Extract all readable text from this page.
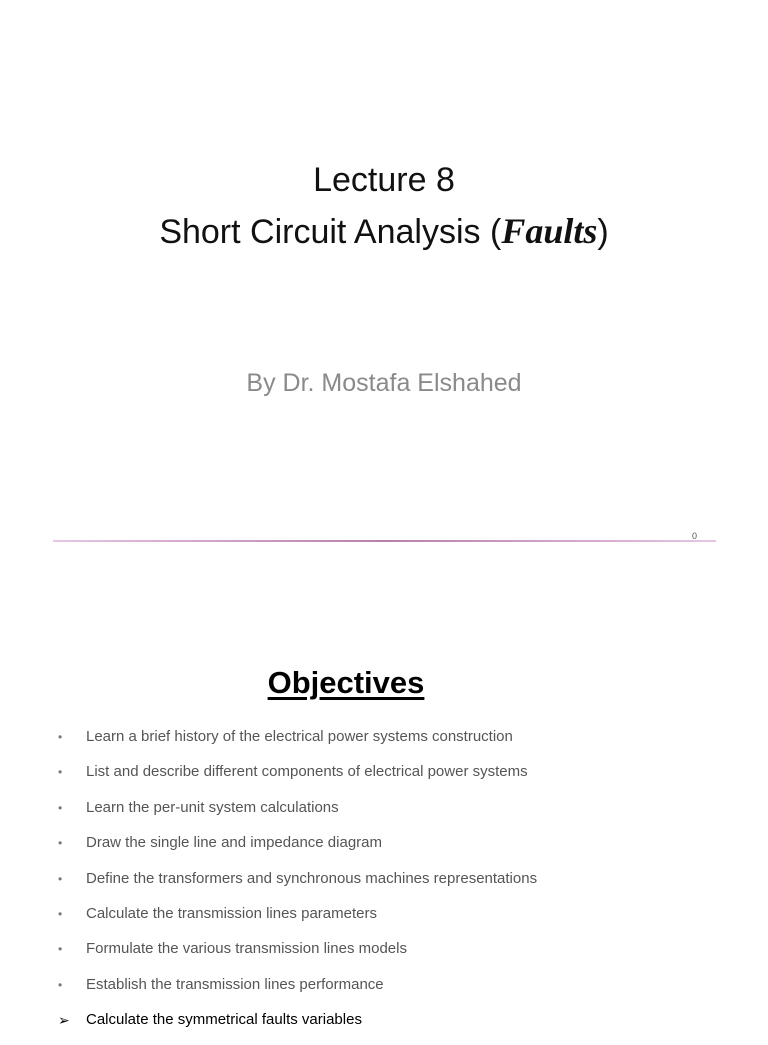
Lecture 8
Short Circuit Analysis (Faults)
By Dr. Mostafa Elshahed
0
Objectives
•	Learn a brief history of the electrical power systems construction
•	List and describe different components of electrical power systems
•	Learn the per-unit system calculations
•	Draw the single line and impedance diagram
•	Define the transformers and synchronous machines representations
•	Calculate the transmission lines parameters
•	Formulate the various transmission lines models
•	Establish the transmission lines performance
➢	Calculate the symmetrical faults variables
